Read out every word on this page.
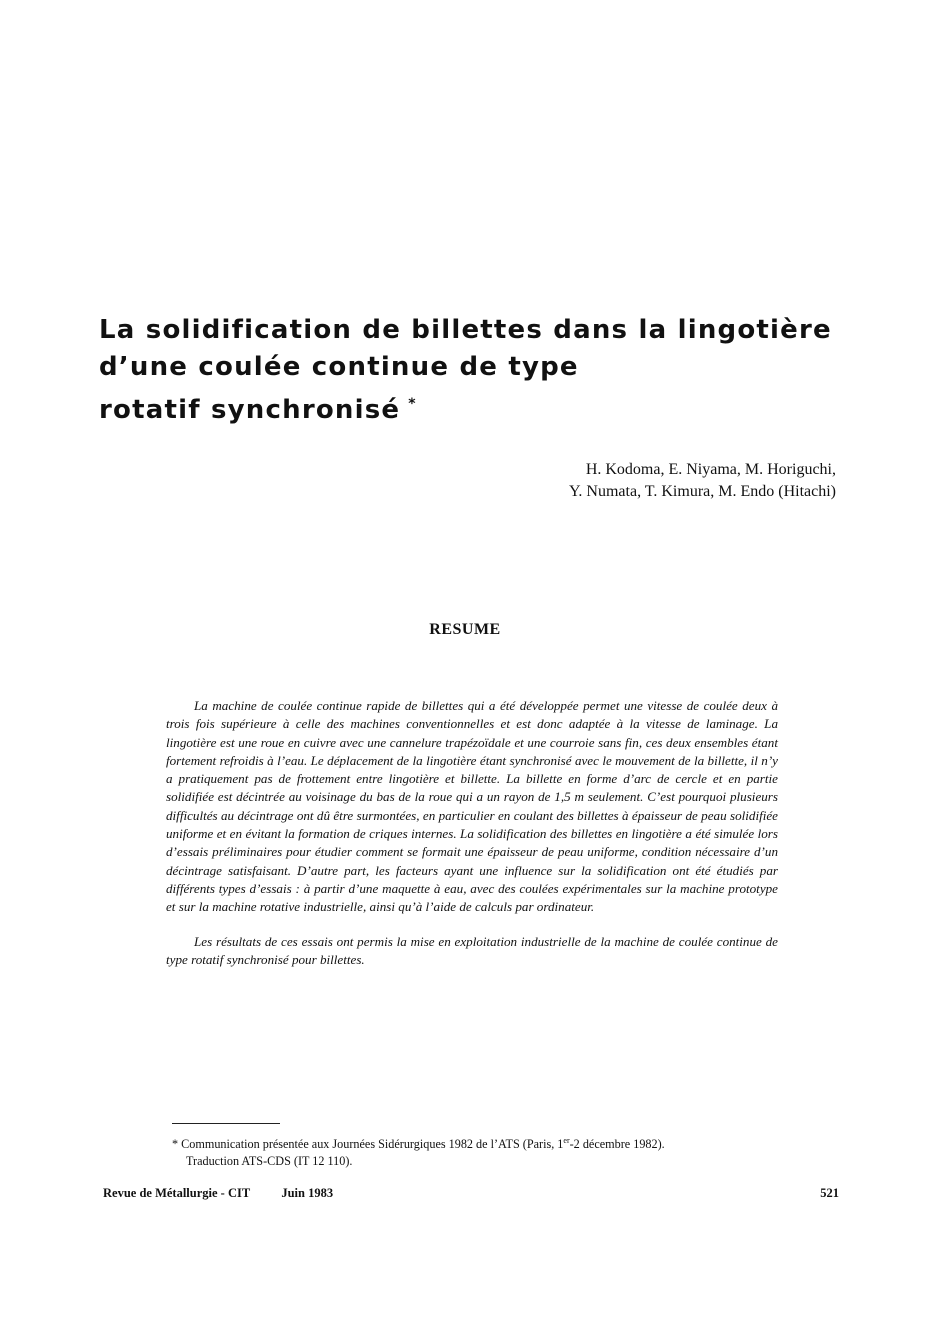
La solidification de billettes dans la lingotière
d’une coulée continue de type
rotatif synchronisé *
H. Kodoma, E. Niyama, M. Horiguchi,
Y. Numata, T. Kimura, M. Endo (Hitachi)
RESUME

La machine de coulée continue rapide de billettes qui a été développée permet une vitesse de coulée deux à trois fois supérieure à celle des machines conventionnelles et est donc adaptée à la vitesse de laminage. La lingotière est une roue en cuivre avec une cannelure trapézoïdale et une courroie sans fin, ces deux ensembles étant fortement refroidis à l’eau. Le déplacement de la lingotière étant synchronisé avec le mouvement de la billette, il n’y a pratiquement pas de frottement entre lingotière et billette. La billette en forme d’arc de cercle et en partie solidifiée est décintrée au voisinage du bas de la roue qui a un rayon de 1,5 m seulement. C’est pourquoi plusieurs difficultés au décintrage ont dû être surmontées, en particulier en coulant des billettes à épaisseur de peau solidifiée uniforme et en évitant la formation de criques internes. La solidification des billettes en lingotière a été simulée lors d’essais préliminaires pour étudier comment se formait une épaisseur de peau uniforme, condition nécessaire d’un décintrage satisfaisant. D’autre part, les facteurs ayant une influence sur la solidification ont été étudiés par différents types d’essais : à partir d’une maquette à eau, avec des coulées expérimentales sur la machine prototype et sur la machine rotative industrielle, ainsi qu’à l’aide de calculs par ordinateur.

Les résultats de ces essais ont permis la mise en exploitation industrielle de la machine de coulée continue de type rotatif synchronisé pour billettes.

* Communication présentée aux Journées Sidérurgiques 1982 de l’ATS (Paris, 1er-2 décembre 1982).
Traduction ATS-CDS (IT 12 110).
Revue de Métallurgie - CIT Juin 1983	521
